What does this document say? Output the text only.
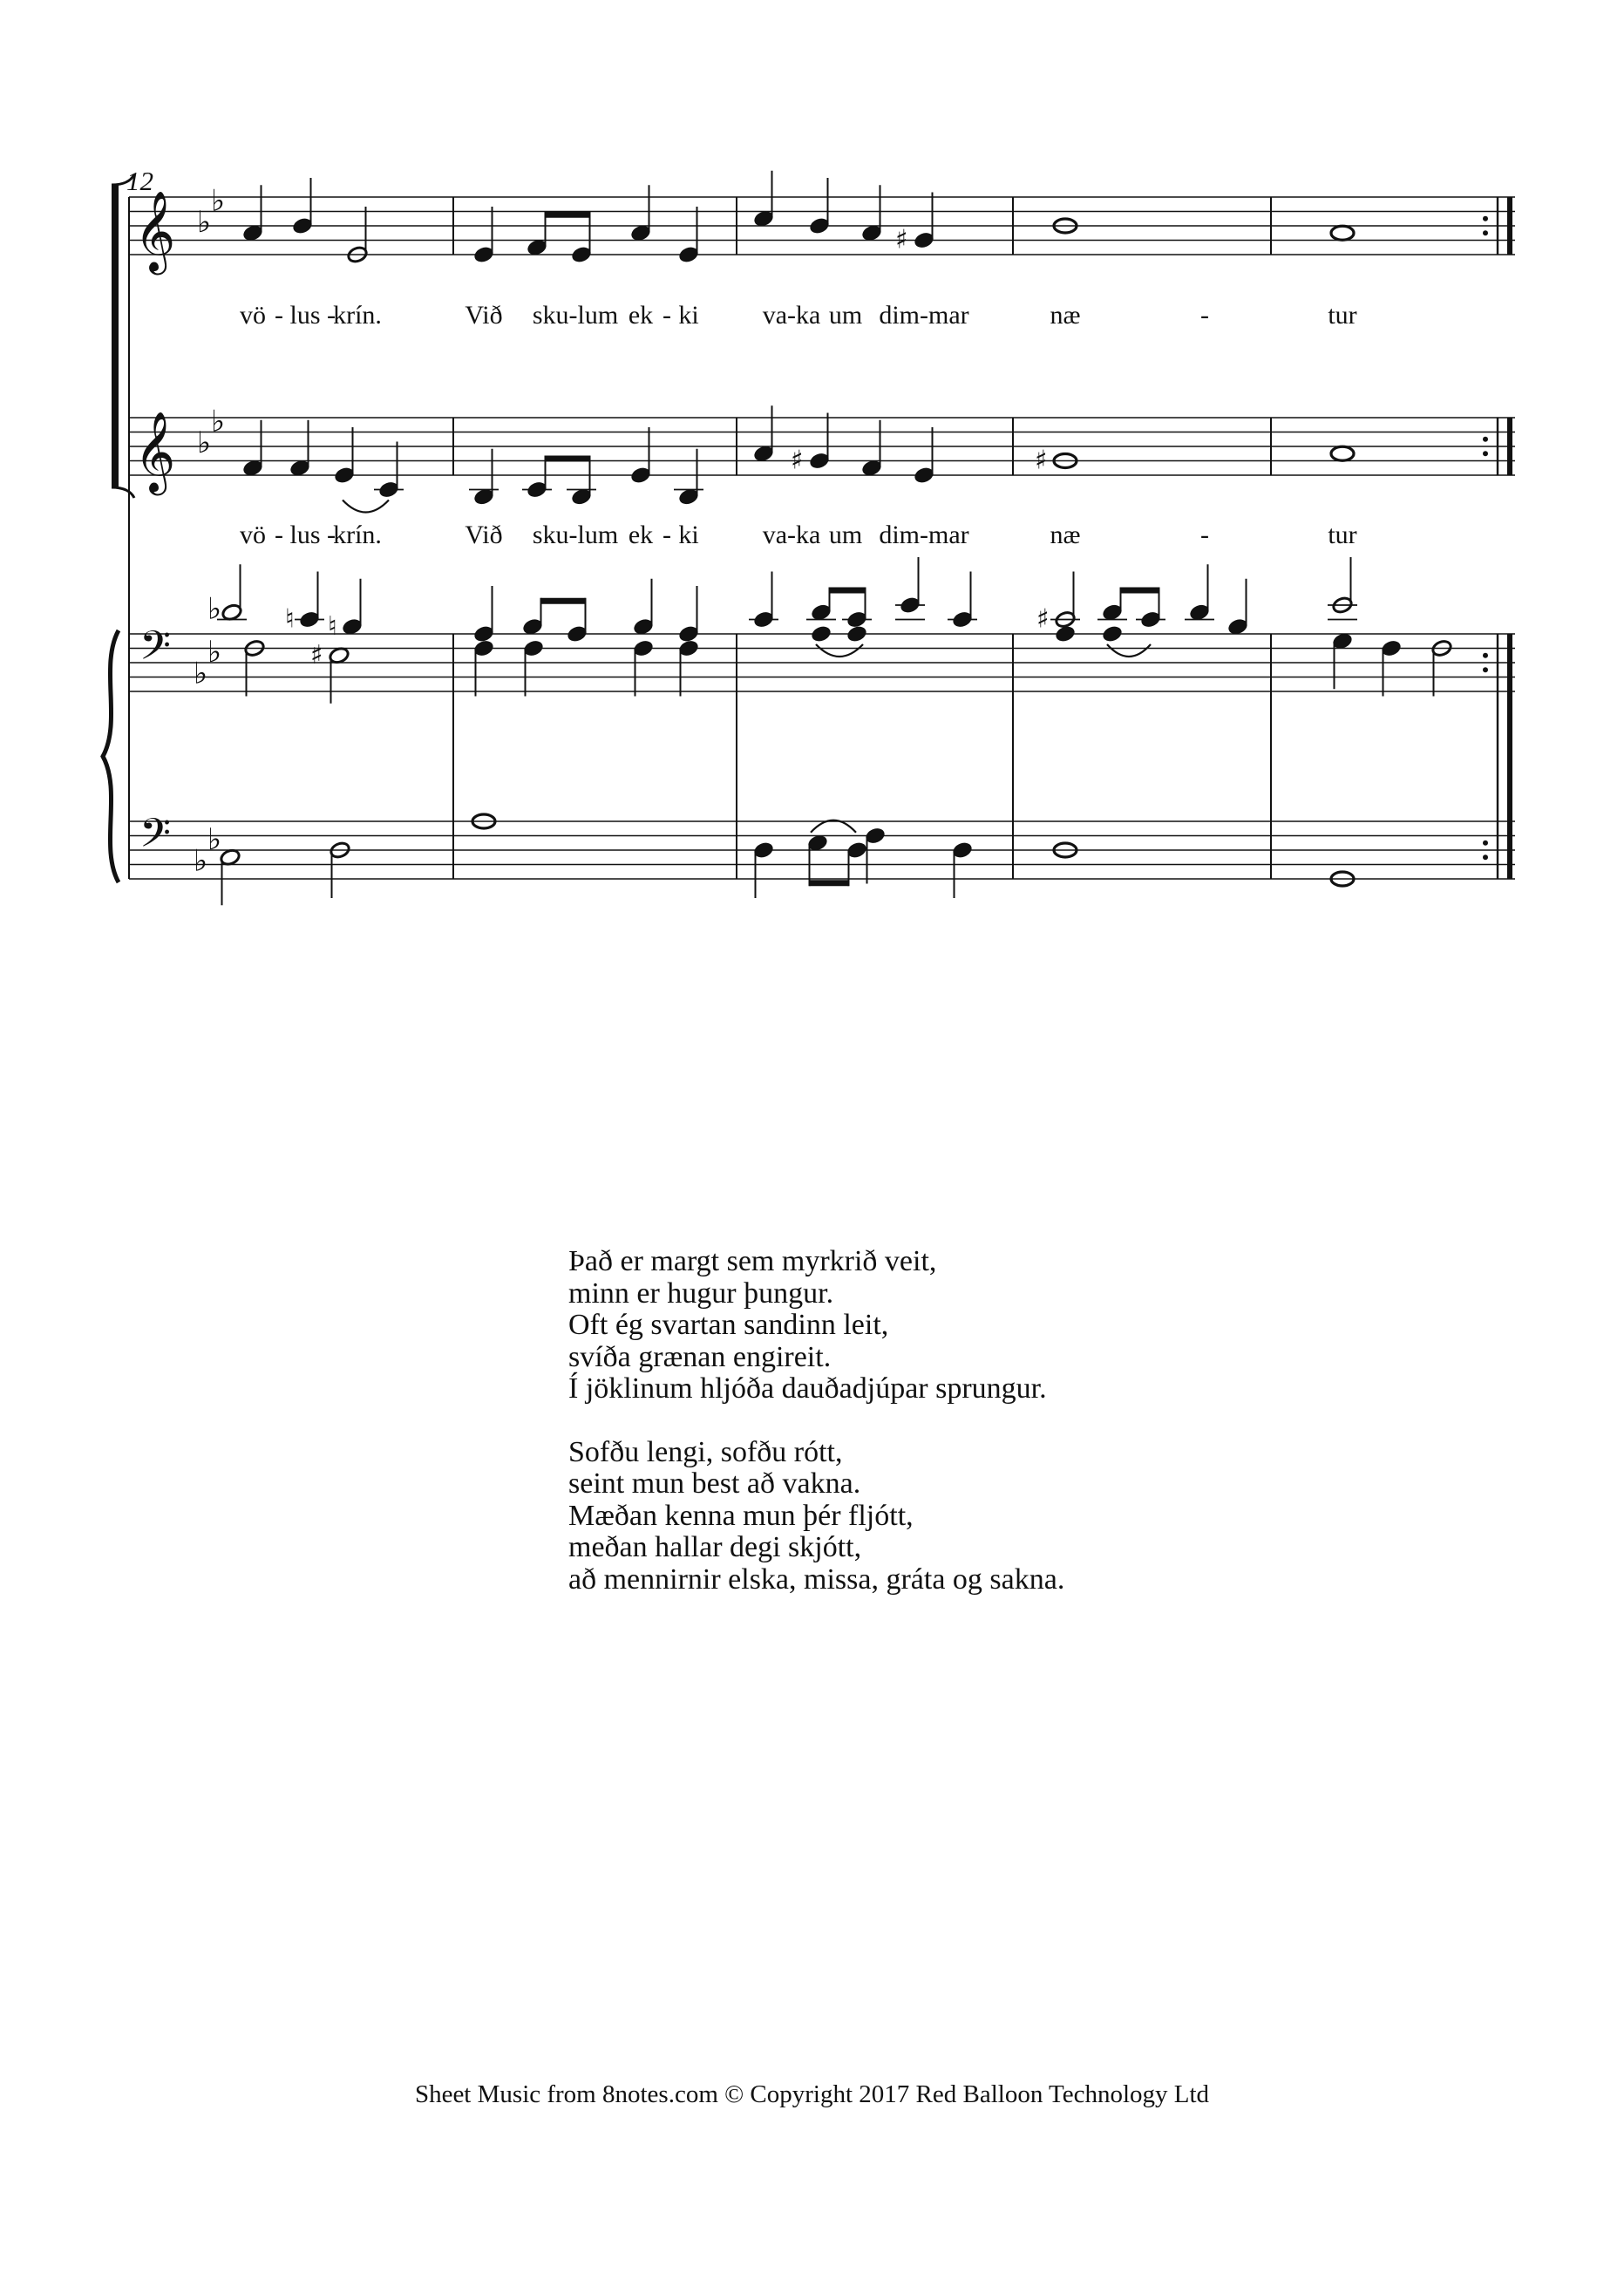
12
𝄞
𝄞
𝄢
𝄢
♭
♭
♭
♭
♭
♭
♭
♭
♯
♯	♯
♭ ♮ ♮	♯
♯
vö - lus -
krín.	Við sku-lum ek - ki va-ka um dim-mar	næ	-	tur
vö - lus -
krín.	Við sku-lum ek - ki va-ka um dim-mar	næ	-	tur
Það er margt sem myrkrið veit,
minn er hugur þungur.
Oft ég svartan sandinn leit,
svíða grænan engireit.
Í jöklinum hljóða dauðadjúpar sprungur.
Sofðu lengi, sofðu rótt,
seint mun best að vakna.
Mæðan kenna mun þér fljótt,
meðan hallar degi skjótt,
að mennirnir elska, missa, gráta og sakna.
Sheet Music from 8notes.com © Copyright 2017 Red Balloon Technology Ltd
